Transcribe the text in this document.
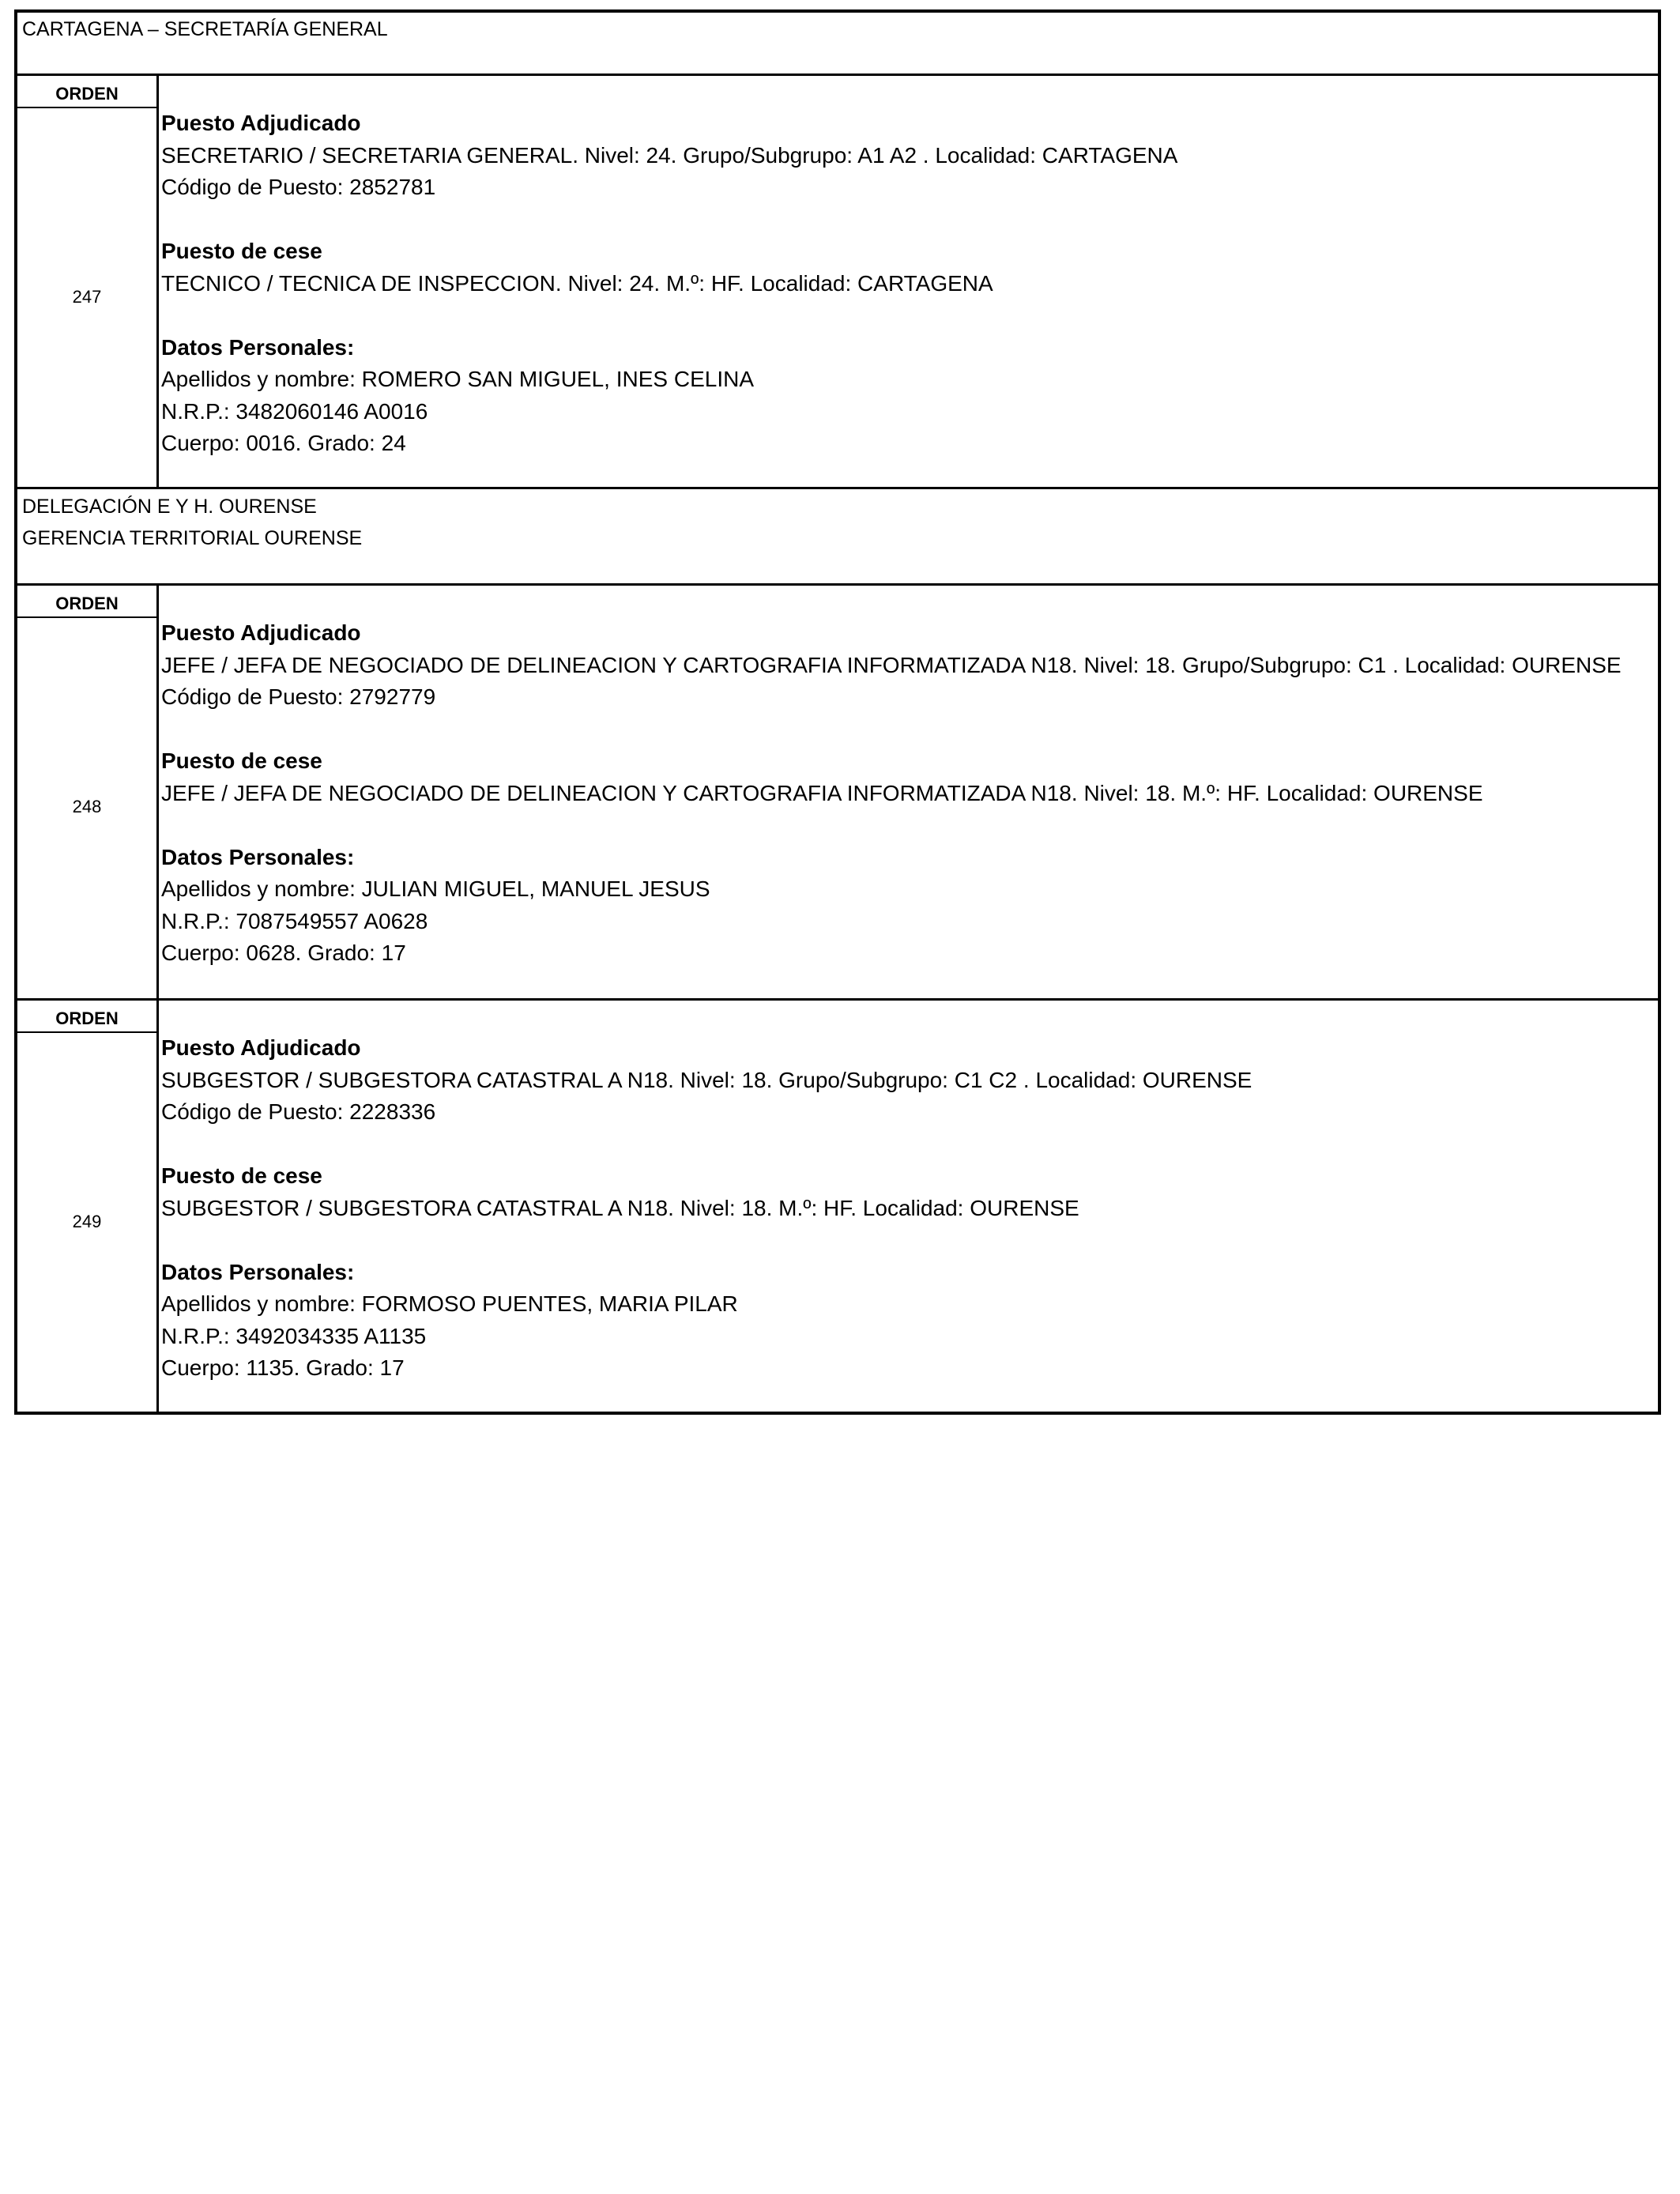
CARTAGENA – SECRETARÍA GENERAL
ORDEN
247
Puesto Adjudicado
SECRETARIO / SECRETARIA GENERAL. Nivel: 24. Grupo/Subgrupo: A1 A2 . Localidad: CARTAGENA
Código de Puesto: 2852781
Puesto de cese
TECNICO / TECNICA DE INSPECCION. Nivel: 24. M.º: HF. Localidad: CARTAGENA
Datos Personales:
Apellidos y nombre: ROMERO SAN MIGUEL, INES CELINA
N.R.P.: 3482060146 A0016
Cuerpo: 0016. Grado: 24
DELEGACIÓN E Y H. OURENSE
GERENCIA TERRITORIAL OURENSE
ORDEN
248
Puesto Adjudicado
JEFE / JEFA DE NEGOCIADO DE DELINEACION Y CARTOGRAFIA INFORMATIZADA N18. Nivel: 18. Grupo/Subgrupo: C1 . Localidad: OURENSE
Código de Puesto: 2792779
Puesto de cese
JEFE / JEFA DE NEGOCIADO DE DELINEACION Y CARTOGRAFIA INFORMATIZADA N18. Nivel: 18. M.º: HF. Localidad: OURENSE
Datos Personales:
Apellidos y nombre: JULIAN MIGUEL, MANUEL JESUS
N.R.P.: 7087549557 A0628
Cuerpo: 0628. Grado: 17
ORDEN
249
Puesto Adjudicado
SUBGESTOR / SUBGESTORA CATASTRAL A N18. Nivel: 18. Grupo/Subgrupo: C1 C2 . Localidad: OURENSE
Código de Puesto: 2228336
Puesto de cese
SUBGESTOR / SUBGESTORA CATASTRAL A N18. Nivel: 18. M.º: HF. Localidad: OURENSE
Datos Personales:
Apellidos y nombre: FORMOSO PUENTES, MARIA PILAR
N.R.P.: 3492034335 A1135
Cuerpo: 1135. Grado: 17
